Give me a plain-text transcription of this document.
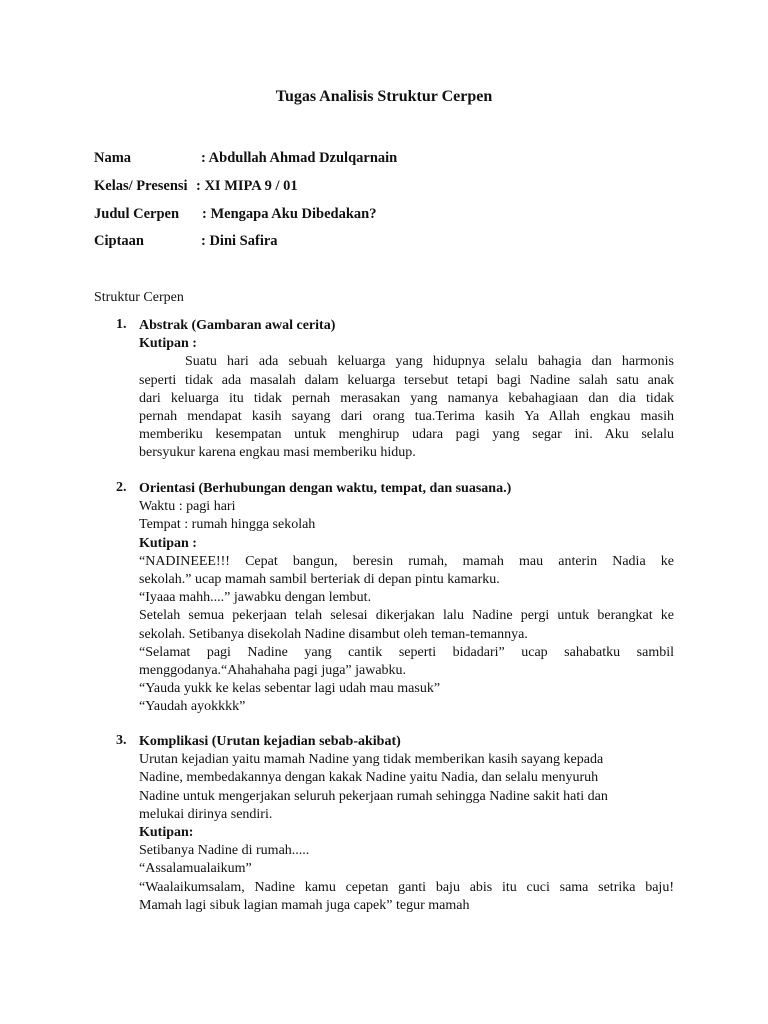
Tugas Analisis Struktur Cerpen
Nama	: Abdullah Ahmad Dzulqarnain
Kelas/ Presensi : XI MIPA 9 / 01
Judul Cerpen : Mengapa Aku Dibedakan?
Ciptaan	: Dini Safira
Struktur Cerpen
1. Abstrak (Gambaran awal cerita)
Kutipan :
Suatu hari ada sebuah keluarga yang hidupnya selalu bahagia dan harmonis
seperti tidak ada masalah dalam keluarga tersebut tetapi bagi Nadine salah satu anak
dari keluarga itu tidak pernah merasakan yang namanya kebahagiaan dan dia tidak
pernah mendapat kasih sayang dari orang tua.Terima kasih Ya Allah engkau masih
memberiku kesempatan untuk menghirup udara pagi yang segar ini. Aku selalu
bersyukur karena engkau masi memberiku hidup.
2. Orientasi (Berhubungan dengan waktu, tempat, dan suasana.)
Waktu : pagi hari
Tempat : rumah hingga sekolah
Kutipan :
“NADINEEE!!! Cepat bangun, beresin rumah, mamah mau anterin Nadia ke
sekolah.” ucap mamah sambil berteriak di depan pintu kamarku.
“Iyaaa mahh....” jawabku dengan lembut.
Setelah semua pekerjaan telah selesai dikerjakan lalu Nadine pergi untuk berangkat ke
sekolah. Setibanya disekolah Nadine disambut oleh teman-temannya.
“Selamat pagi Nadine yang cantik seperti bidadari” ucap sahabatku sambil
menggodanya.“Ahahahaha pagi juga” jawabku.
“Yauda yukk ke kelas sebentar lagi udah mau masuk”
“Yaudah ayokkkk”
3. Komplikasi (Urutan kejadian sebab-akibat)
Urutan kejadian yaitu mamah Nadine yang tidak memberikan kasih sayang kepada
Nadine, membedakannya dengan kakak Nadine yaitu Nadia, dan selalu menyuruh
Nadine untuk mengerjakan seluruh pekerjaan rumah sehingga Nadine sakit hati dan
melukai dirinya sendiri.
Kutipan:
Setibanya Nadine di rumah.....
“Assalamualaikum”
“Waalaikumsalam, Nadine kamu cepetan ganti baju abis itu cuci sama setrika baju!
Mamah lagi sibuk lagian mamah juga capek” tegur mamah
